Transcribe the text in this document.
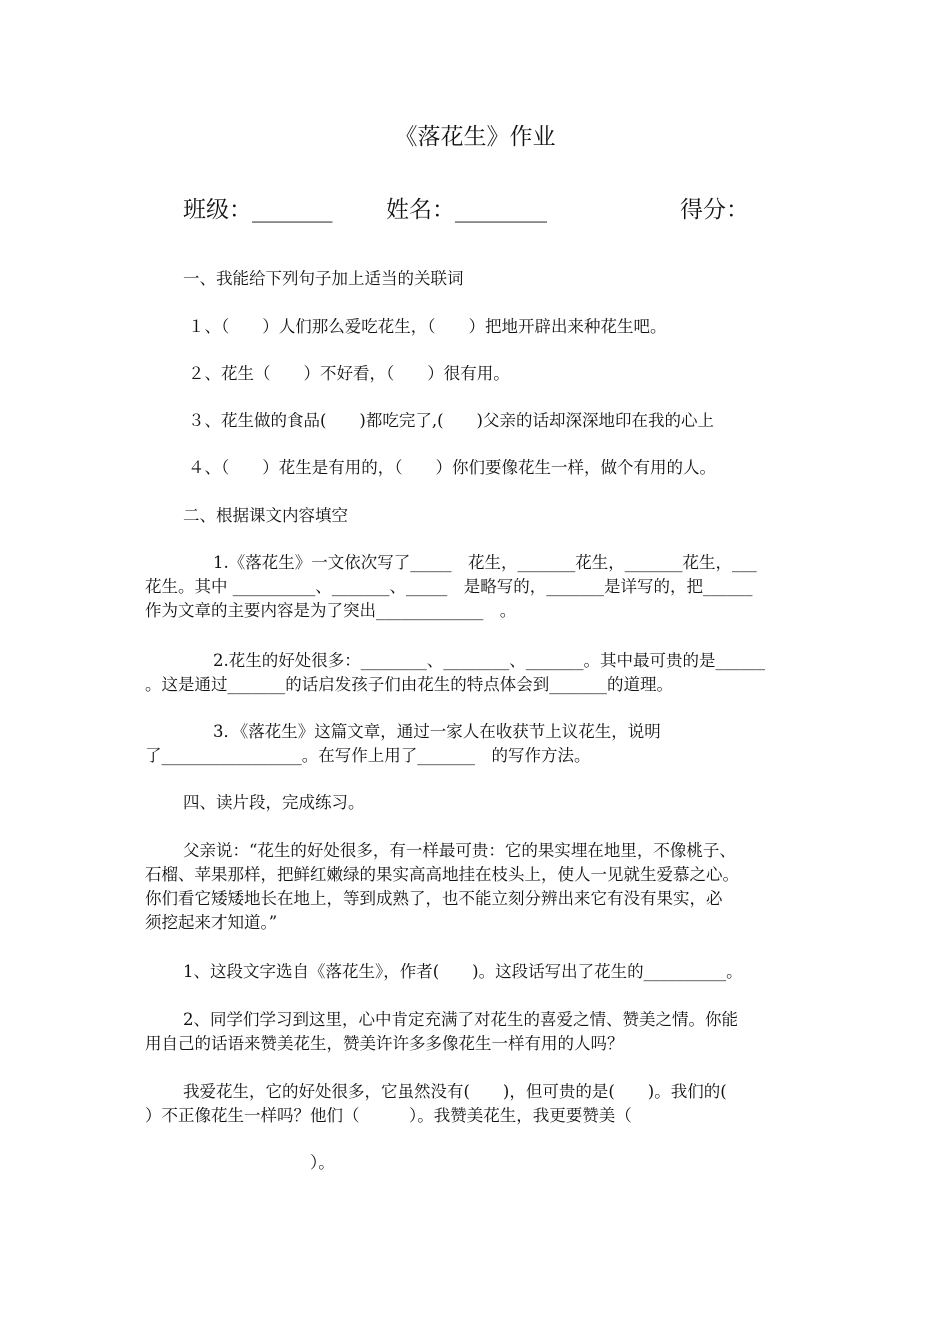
《落花生》作业
班级：_______ 姓名：________	得分：
一、我能给下列句子加上适当的关联词
１、（　　）人们那么爱吃花生，（　　）把地开辟出来种花生吧。
２、花生（　　）不好看，（　　）很有用。
３、花生做的食品(　　)都吃完了,(　　)父亲的话却深深地印在我的心上
４、（　　）花生是有用的，（　　）你们要像花生一样，做个有用的人。
二、根据课文内容填空
1.《落花生》一文依次写了_____　花生，_______花生，_______花生，___
花生。其中 __________、_______、_____　是略写的，_______是详写的，把______
作为文章的主要内容是为了突出_____________　。
2.花生的好处很多：________、________、_______。其中最可贵的是______
。这是通过_______的话启发孩子们由花生的特点体会到_______的道理。
3．《落花生》这篇文章，通过一家人在收获节上议花生，说明
了_________________。在写作上用了_______　的写作方法。
四、读片段，完成练习。
父亲说：“花生的好处很多，有一样最可贵：它的果实埋在地里，不像桃子、
石榴、苹果那样，把鲜红嫩绿的果实高高地挂在枝头上，使人一见就生爱慕之心。
你们看它矮矮地长在地上，等到成熟了，也不能立刻分辨出来它有没有果实，必
须挖起来才知道。”
1、这段文字选自《落花生》，作者(　　)。这段话写出了花生的__________。
2、同学们学习到这里，心中肯定充满了对花生的喜爱之情、赞美之情。你能
用自己的话语来赞美花生，赞美许许多多像花生一样有用的人吗？
我爱花生，它的好处很多，它虽然没有(　　)，但可贵的是(　　)。我们的(
）不正像花生一样吗？他们（　　　）。我赞美花生，我更要赞美（
）。
